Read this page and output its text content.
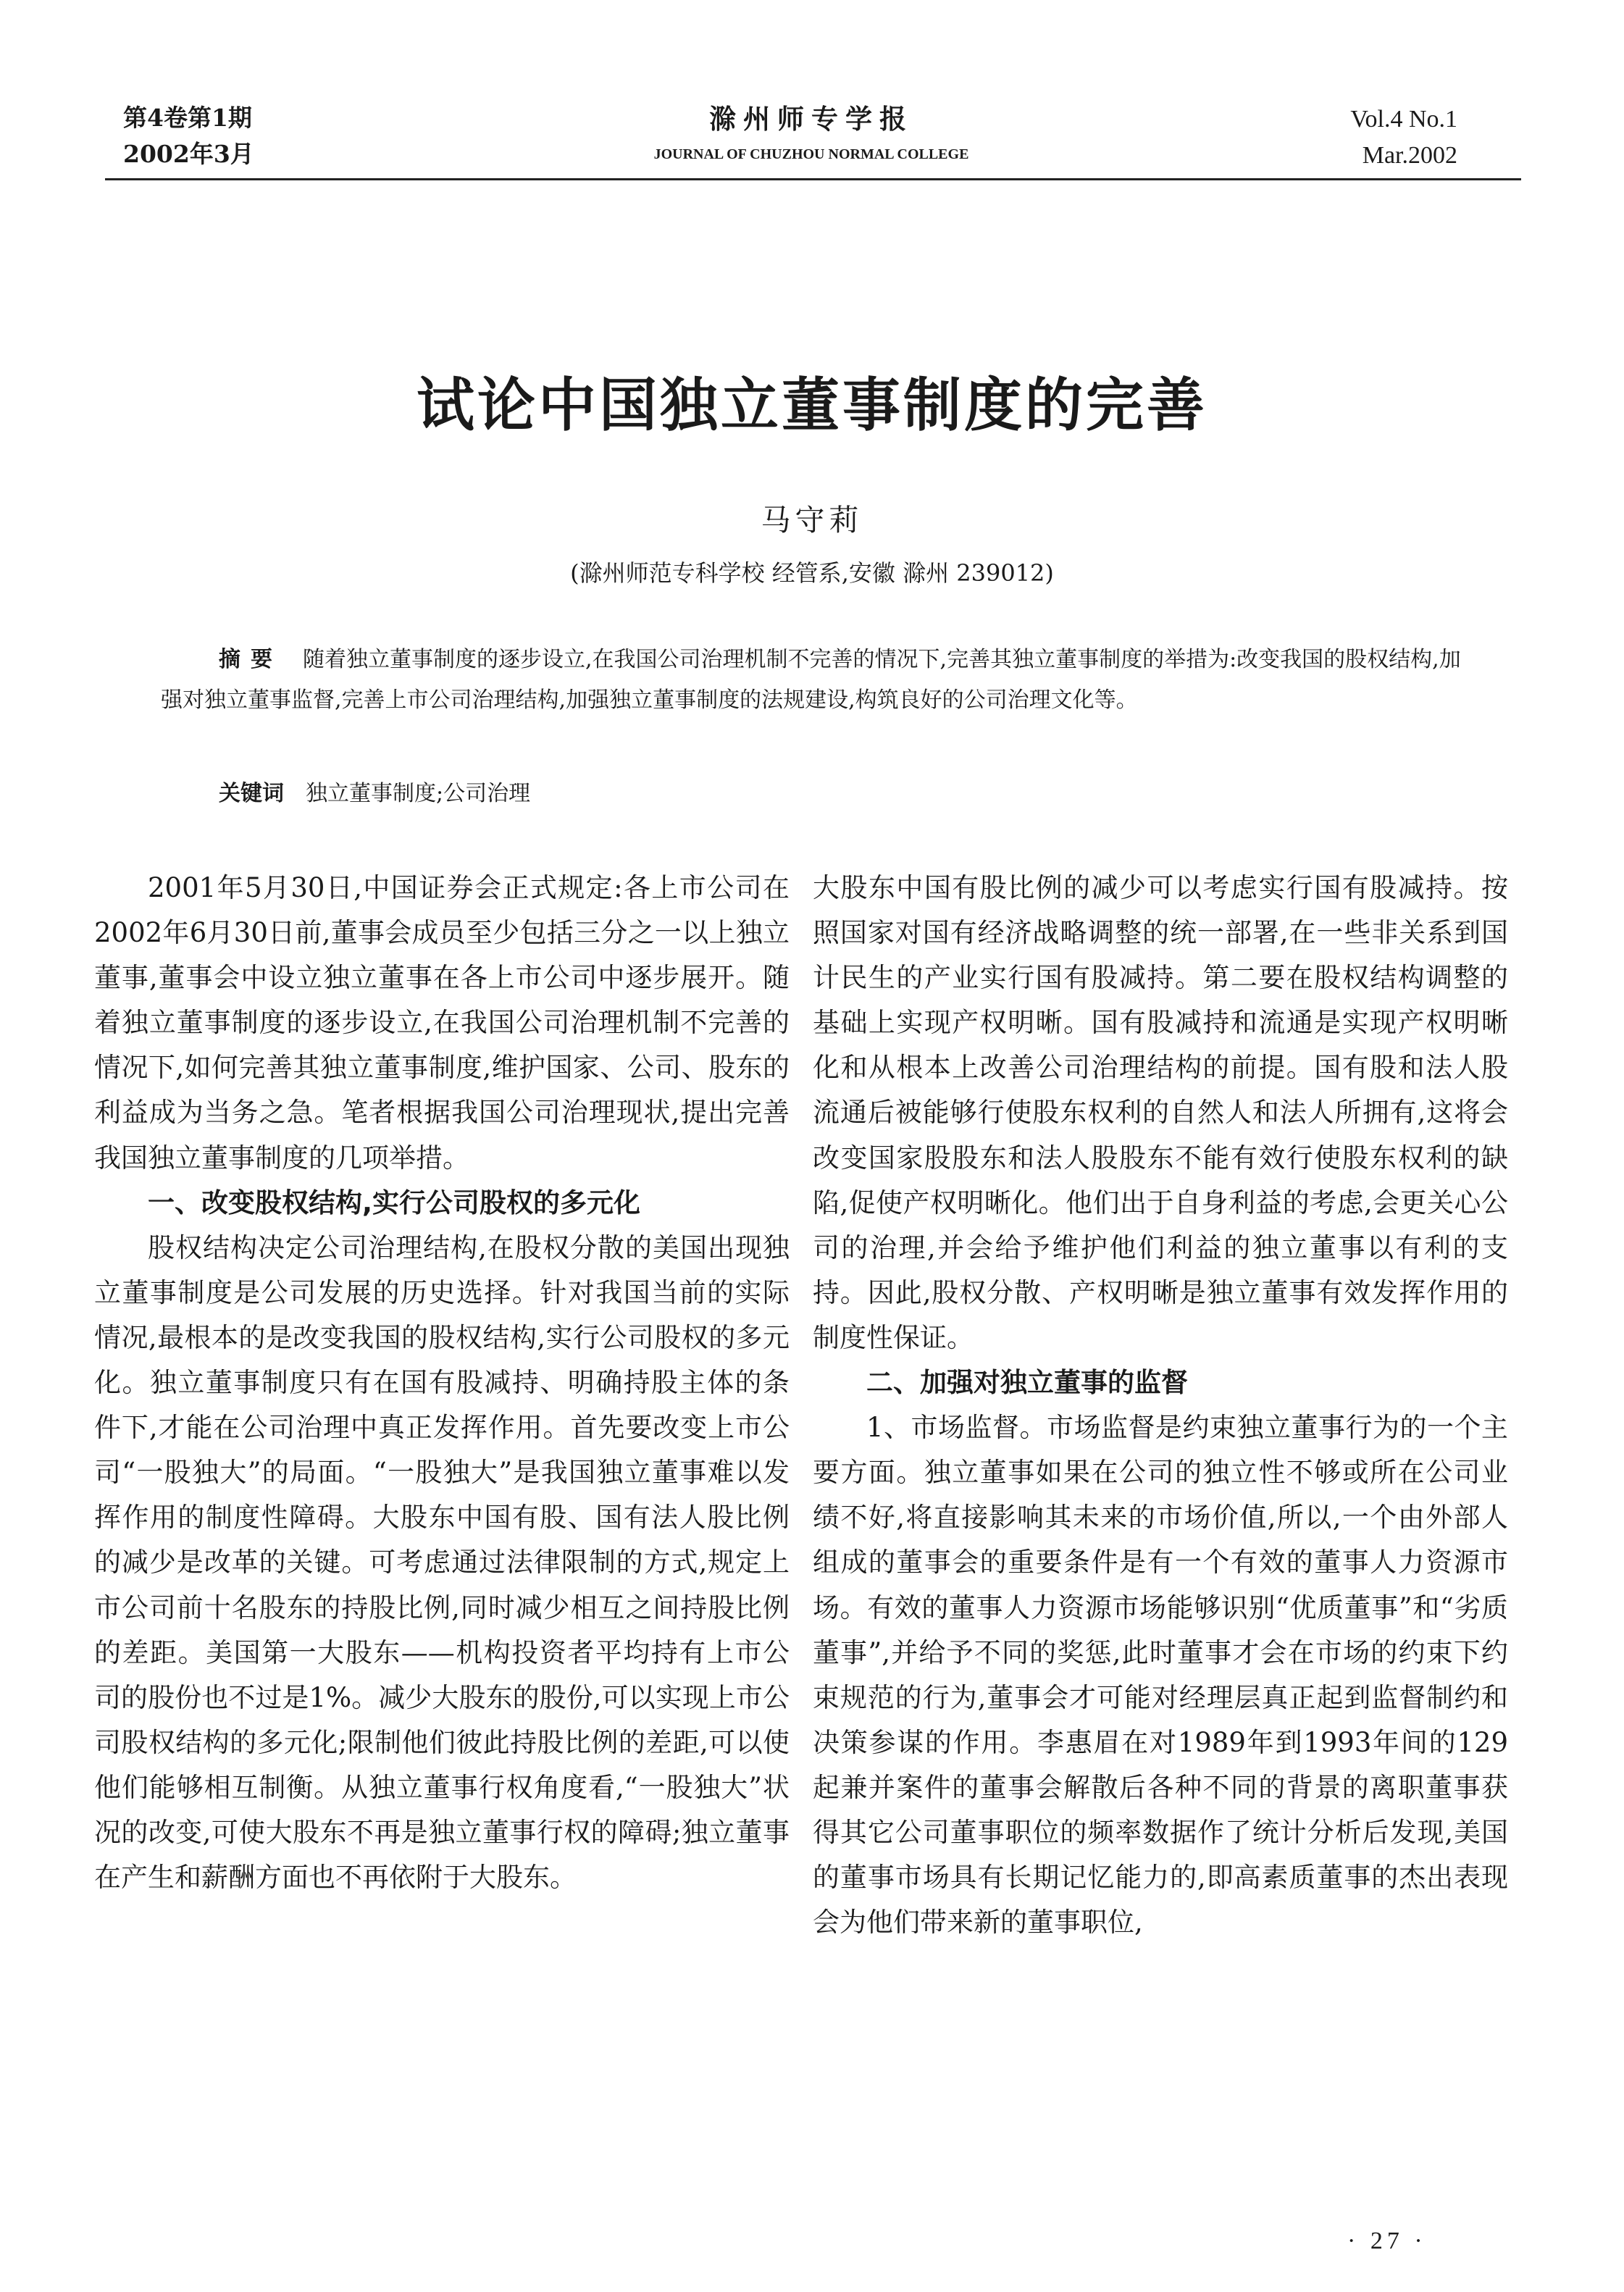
第4卷第1期
2002年3月
滁州师专学报
JOURNAL OF CHUZHOU NORMAL COLLEGE
Vol.4 No.1
Mar.2002
试论中国独立董事制度的完善
马守莉
(滁州师范专科学校 经管系,安徽 滁州 239012)
摘要 随着独立董事制度的逐步设立,在我国公司治理机制不完善的情况下,完善其独立董事制度的举措为:改变我国的股权结构,加强对独立董事监督,完善上市公司治理结构,加强独立董事制度的法规建设,构筑良好的公司治理文化等。
关键词 独立董事制度;公司治理

2001年5月30日,中国证券会正式规定:各上市公司在2002年6月30日前,董事会成员至少包括三分之一以上独立董事,董事会中设立独立董事在各上市公司中逐步展开。随着独立董事制度的逐步设立,在我国公司治理机制不完善的情况下,如何完善其独立董事制度,维护国家、公司、股东的利益成为当务之急。笔者根据我国公司治理现状,提出完善我国独立董事制度的几项举措。

一、改变股权结构,实行公司股权的多元化

股权结构决定公司治理结构,在股权分散的美国出现独立董事制度是公司发展的历史选择。针对我国当前的实际情况,最根本的是改变我国的股权结构,实行公司股权的多元化。独立董事制度只有在国有股减持、明确持股主体的条件下,才能在公司治理中真正发挥作用。首先要改变上市公司“一股独大”的局面。“一股独大”是我国独立董事难以发挥作用的制度性障碍。大股东中国有股、国有法人股比例的减少是改革的关键。可考虑通过法律限制的方式,规定上市公司前十名股东的持股比例,同时减少相互之间持股比例的差距。美国第一大股东——机构投资者平均持有上市公司的股份也不过是1%。减少大股东的股份,可以实现上市公司股权结构的多元化;限制他们彼此持股比例的差距,可以使他们能够相互制衡。从独立董事行权角度看,“一股独大”状况的改变,可使大股东不再是独立董事行权的障碍;独立董事在产生和薪酬方面也不再依附于大股东。

大股东中国有股比例的减少可以考虑实行国有股减持。按照国家对国有经济战略调整的统一部署,在一些非关系到国计民生的产业实行国有股减持。第二要在股权结构调整的基础上实现产权明晰。国有股减持和流通是实现产权明晰化和从根本上改善公司治理结构的前提。国有股和法人股流通后被能够行使股东权利的自然人和法人所拥有,这将会改变国家股股东和法人股股东不能有效行使股东权利的缺陷,促使产权明晰化。他们出于自身利益的考虑,会更关心公司的治理,并会给予维护他们利益的独立董事以有利的支持。因此,股权分散、产权明晰是独立董事有效发挥作用的制度性保证。

二、加强对独立董事的监督

1、市场监督。市场监督是约束独立董事行为的一个主要方面。独立董事如果在公司的独立性不够或所在公司业绩不好,将直接影响其未来的市场价值,所以,一个由外部人组成的董事会的重要条件是有一个有效的董事人力资源市场。有效的董事人力资源市场能够识别“优质董事”和“劣质董事”,并给予不同的奖惩,此时董事才会在市场的约束下约束规范的行为,董事会才可能对经理层真正起到监督制约和决策参谋的作用。李惠眉在对1989年到1993年间的129起兼并案件的董事会解散后各种不同的背景的离职董事获得其它公司董事职位的频率数据作了统计分析后发现,美国的董事市场具有长期记忆能力的,即高素质董事的杰出表现会为他们带来新的董事职位,

· 27 ·
